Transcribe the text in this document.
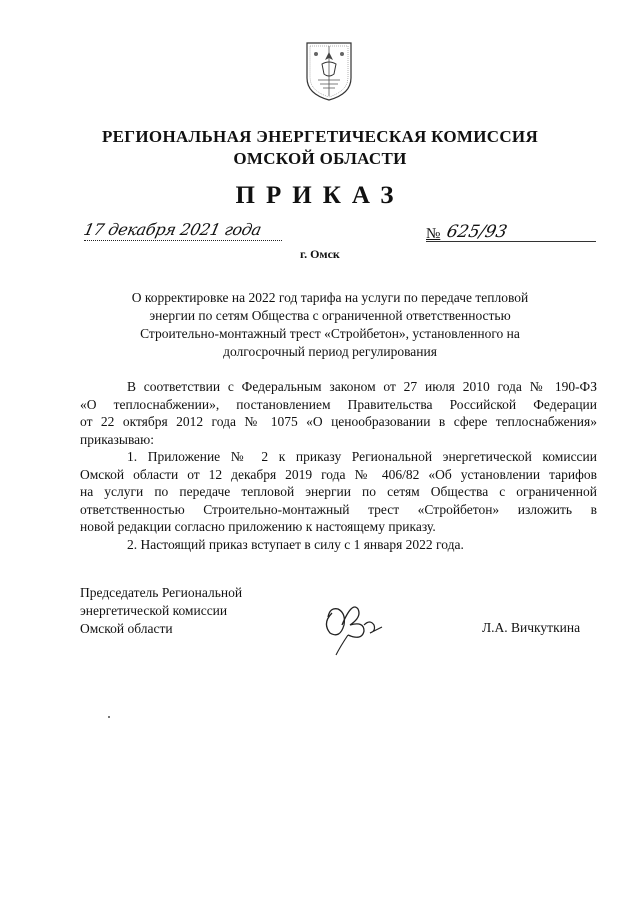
РЕГИОНАЛЬНАЯ ЭНЕРГЕТИЧЕСКАЯ КОМИССИЯ
ОМСКОЙ ОБЛАСТИ
ПРИКАЗ
17 декабря 2021 года
г. Омск
№ 625/93
О корректировке на 2022 год тарифа на услуги по передаче тепловой
энергии по сетям Общества с ограниченной ответственностью
Строительно-монтажный трест «Стройбетон», установленного на
долгосрочный период регулирования
В соответствии с Федеральным законом от 27 июля 2010 года № 190-ФЗ
«О теплоснабжении», постановлением Правительства Российской Федерации
от 22 октября 2012 года № 1075 «О ценообразовании в сфере теплоснабжения»
приказываю:
1. Приложение № 2 к приказу Региональной энергетической комиссии
Омской области от 12 декабря 2019 года № 406/82 «Об установлении тарифов
на услуги по передаче тепловой энергии по сетям Общества с ограниченной
ответственностью Строительно-монтажный трест «Стройбетон» изложить в
новой редакции согласно приложению к настоящему приказу.
2. Настоящий приказ вступает в силу с 1 января 2022 года.
Председатель Региональной
энергетической комиссии
Омской области	Л.А. Вичкуткина
